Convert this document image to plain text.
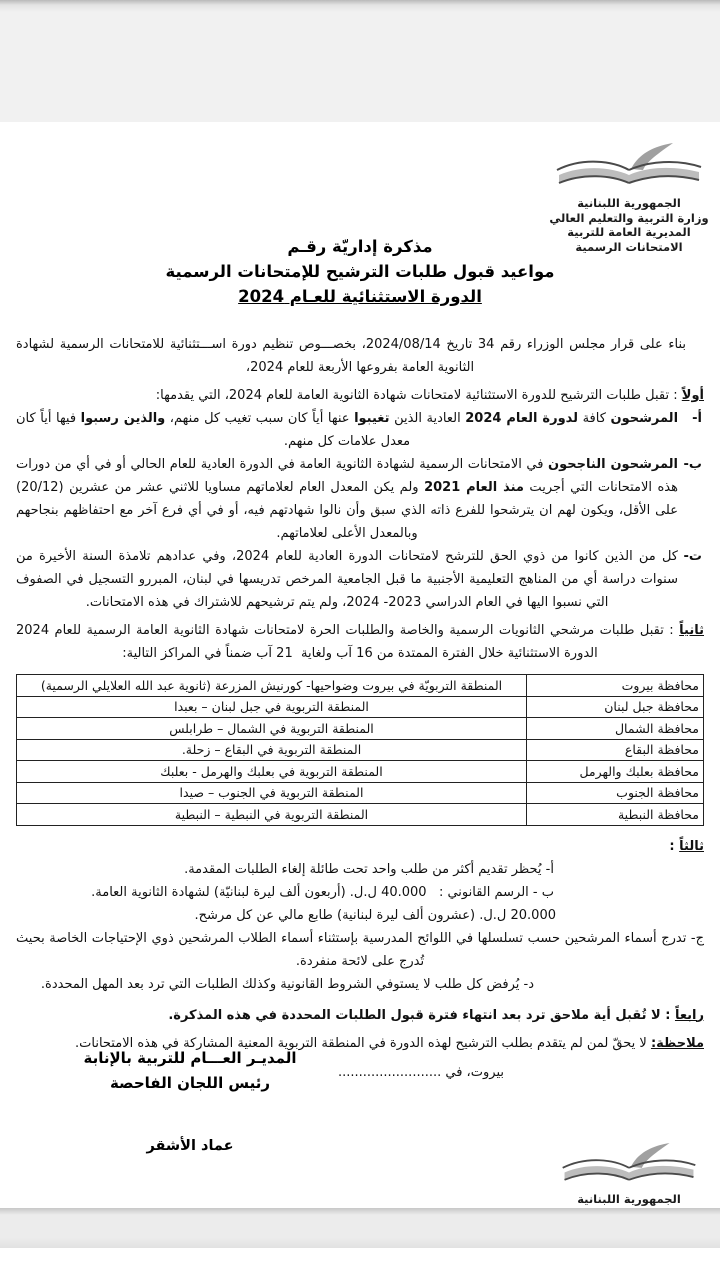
الجمهورية اللبنانية
وزارة التربية والتعليم العالي
المديرية العامة للتربية
الامتحانات الرسمية
مذكرة إداريّة رقـم
مواعيد قبول طلبات الترشيح للإمتحانات الرسمية
الدورة الاستثنائية للعـام 2024
بناء على قرار مجلس الوزراء رقم 34 تاريخ 2024/08/14، بخصـــوص تنظيم دورة اســـتثنائية للامتحانات الرسمية لشهادة الثانوية العامة بفروعها الأربعة للعام 2024،
أولاً : تقبل طلبات الترشيح للدورة الاستثنائية لامتحانات شهادة الثانوية العامة للعام 2024، التي يقدمها:
أ-
المرشحون كافة لدورة العام 2024 العادية الذين تغيبوا عنها أياً كان سبب تغيب كل منهم، والذين رسبوا فيها أياً كان معدل علامات كل منهم.
ب-
المرشحون الناجحون في الامتحانات الرسمية لشهادة الثانوية العامة في الدورة العادية للعام الحالي أو في أي من دورات هذه الامتحانات التي أجريت منذ العام 2021 ولم يكن المعدل العام لعلاماتهم مساويا للاثني عشر من عشرين (20/12) على الأقل، ويكون لهم ان يترشحوا للفرع ذاته الذي سبق وأن نالوا شهادتهم فيه، أو في أي فرع آخر مع احتفاظهم بنجاحهم وبالمعدل الأعلى لعلاماتهم.
ت-
كل من الذين كانوا من ذوي الحق للترشح لامتحانات الدورة العادية للعام 2024، وفي عدادهم تلامذة السنة الأخيرة من سنوات دراسة أي من المناهج التعليمية الأجنبية ما قبل الجامعية المرخص تدريسها في لبنان، المبررو التسجيل في الصفوف التي نسبوا اليها في العام الدراسي 2023- 2024، ولم يتم ترشيحهم للاشتراك في هذه الامتحانات.
ثانياً : تقبل طلبات مرشحي الثانويات الرسمية والخاصة والطلبات الحرة لامتحانات شهادة الثانوية العامة الرسمية للعام 2024 الدورة الاستثنائية خلال الفترة الممتدة من 16 آب ولغاية  21 آب ضمناً في المراكز التالية:
محافظة بيروت	المنطقة التربويّة في بيروت وضواحيها- كورنيش المزرعة (ثانوية عبد الله العلايلي الرسمية)
محافظة جبل لبنان	المنطقة التربوية في جبل لبنان – بعبدا
محافظة الشمال	المنطقة التربوية في الشمال – طرابلس
محافظة البقاع	المنطقة التربوية في البقاع – زحلة.
محافظة بعلبك والهرمل	المنطقة التربوية في بعلبك والهرمل - بعلبك
محافظة الجنوب	المنطقة التربوية في الجنوب – صيدا
محافظة النبطية	المنطقة التربوية في النبطية – النبطية
ثالثاً :
أ- يُحظر تقديم أكثر من طلب واحد تحت طائلة إلغاء الطلبات المقدمة.
ب - الرسم القانوني :   40.000 ل.ل. (أربعون ألف ليرة لبنانيّة) لشهادة الثانوية العامة.
20.000 ل.ل. (عشرون ألف ليرة لبنانية) طابع مالي عن كل مرشح.
ج- تدرج أسماء المرشحين حسب تسلسلها في اللوائح المدرسية بإستثناء أسماء الطلاب المرشحين ذوي الإحتياجات الخاصة بحيث تُدرج على لائحة منفردة.
د- يُرفض كل طلب لا يستوفي الشروط القانونية وكذلك الطلبات التي ترد بعد المهل المحددة.
رابعاً : لا تُقبل أية ملاحق ترد بعد انتهاء فترة قبول الطلبات المحددة في هذه المذكرة.
ملاحظة: لا يحقّ لمن لم يتقدم بطلب الترشيح لهذه الدورة في المنطقة التربوية المعنية المشاركة في هذه الامتحانات.
بيروت، في .........................
المديـر العـــام للتربية بالإنابة
رئيس اللجان الفاحصة
عماد الأشقر
الجمهورية اللبنانية
